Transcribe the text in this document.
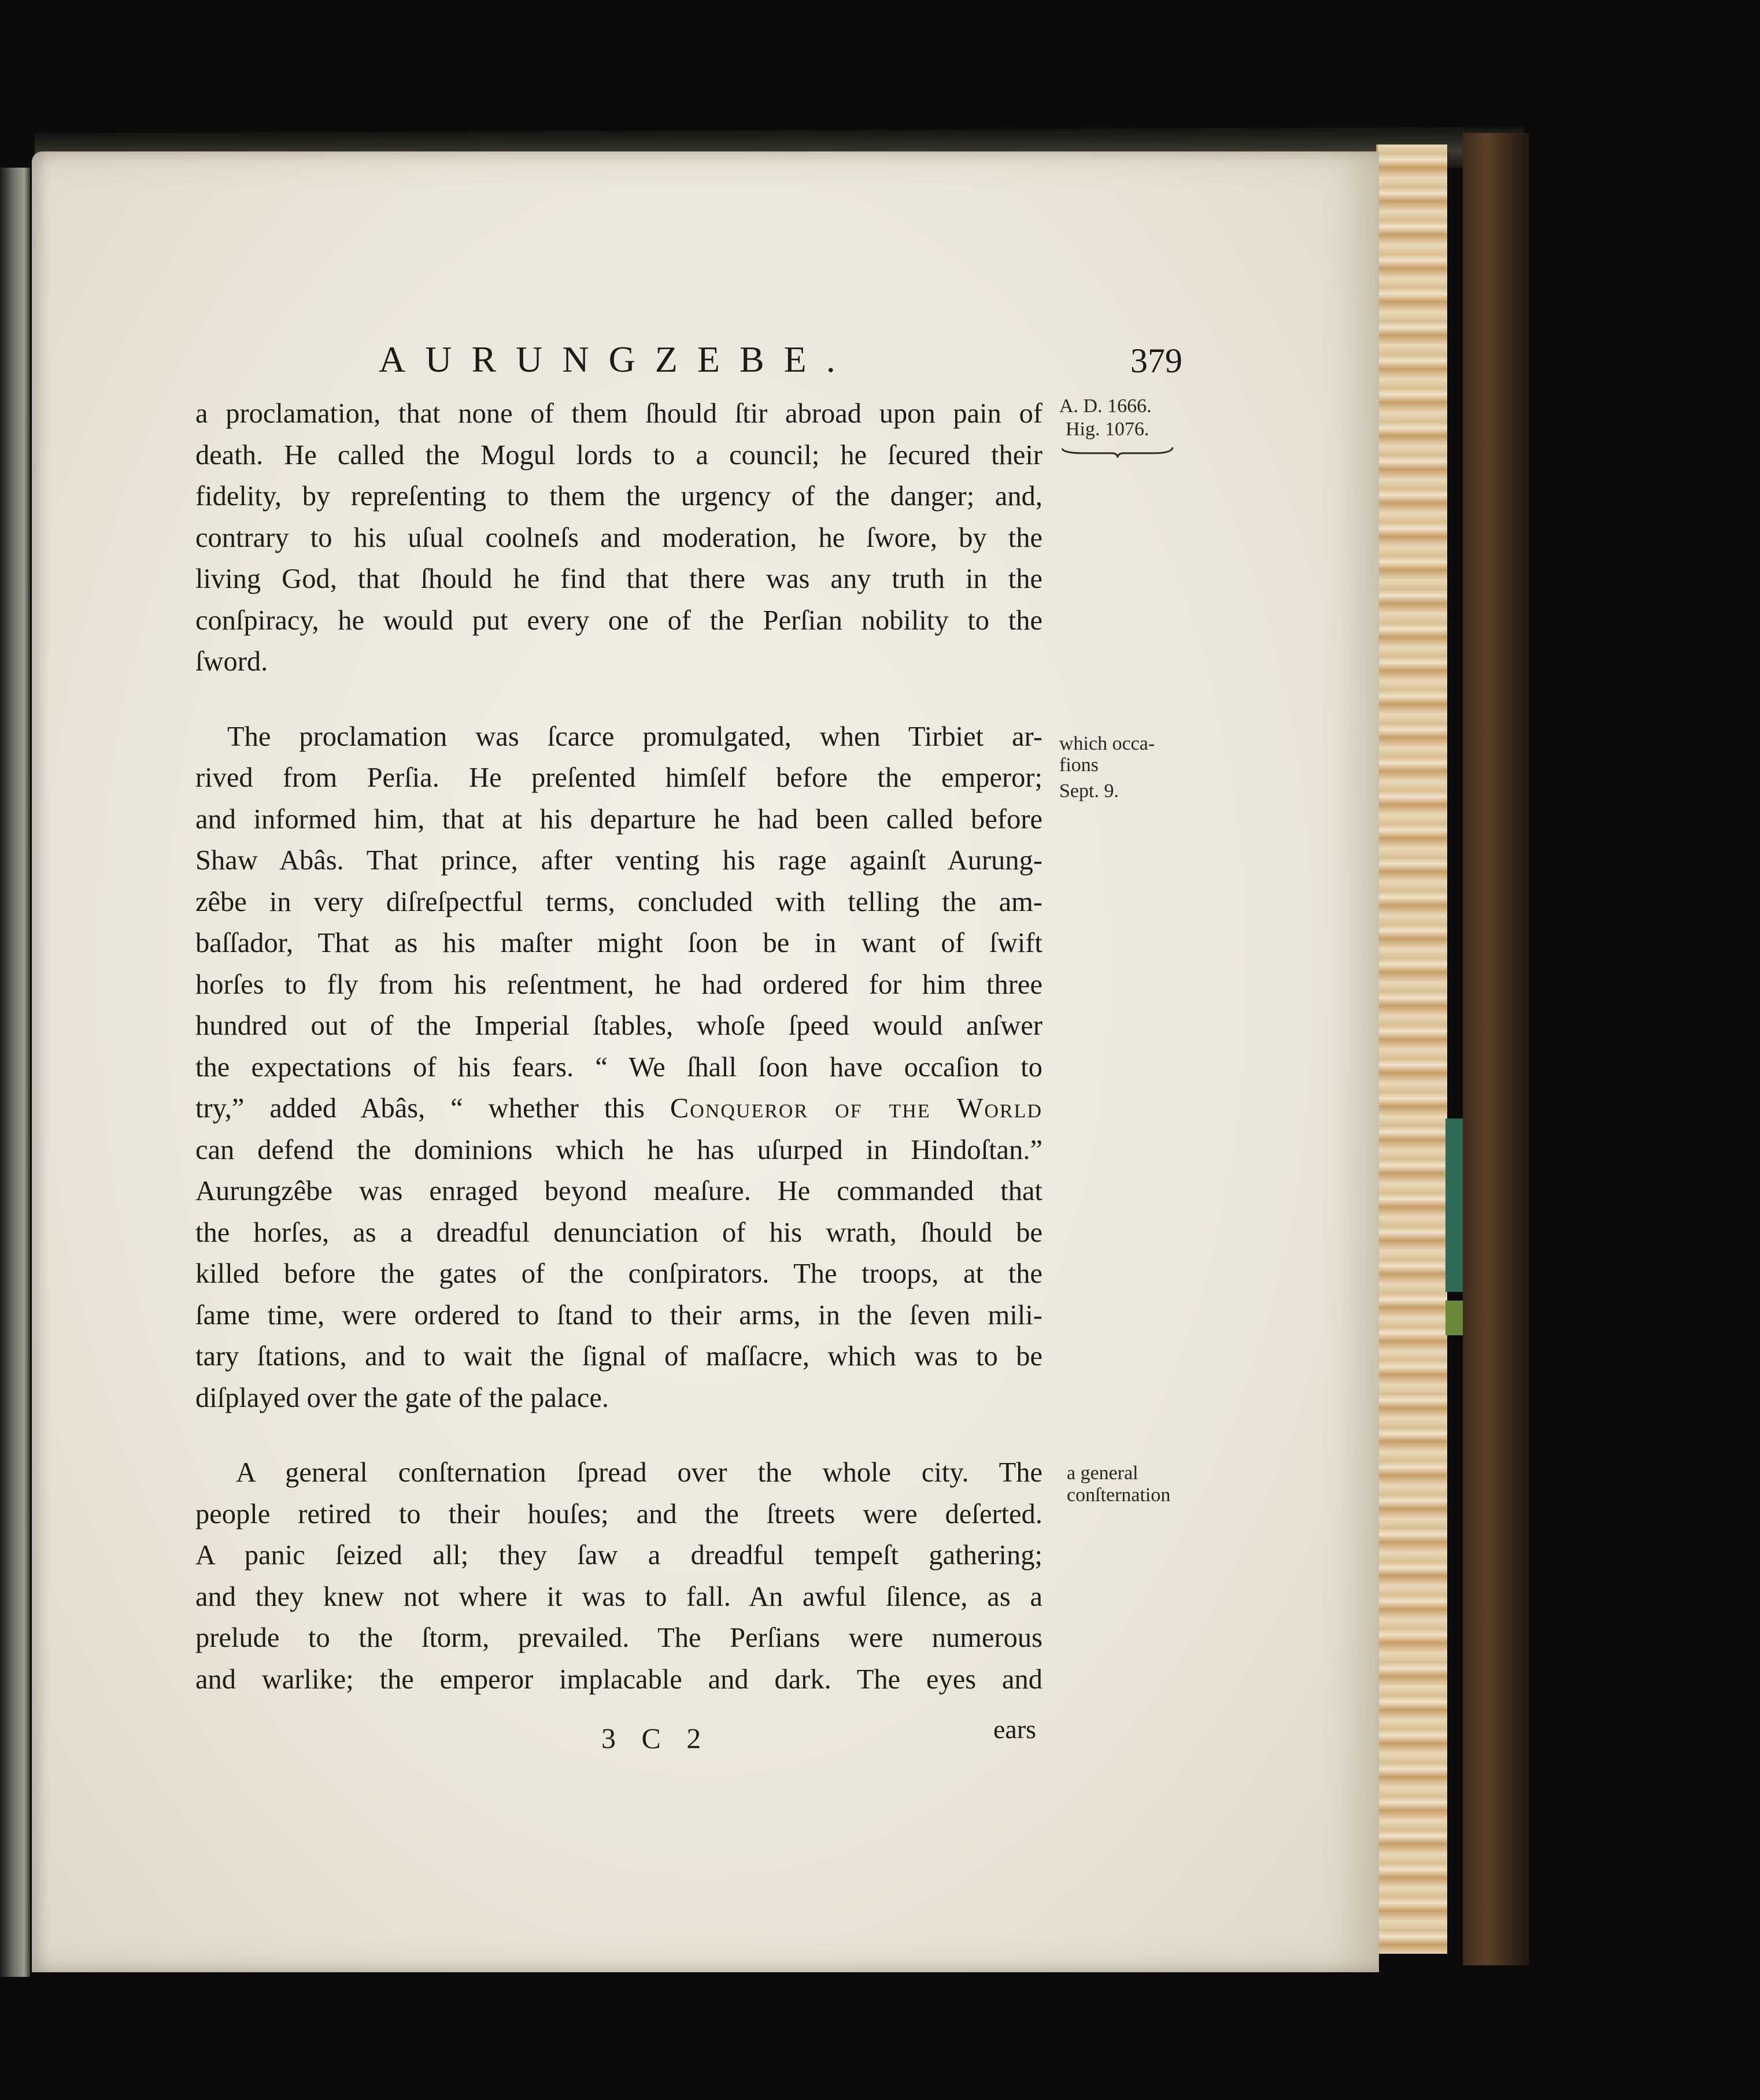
AURUNGZEBE.	379
A. D. 1666.
Hig. 1076.
which occa-
fions
Sept. 9.
a general
conſternation
a proclamation, that none of them ſhould ſtir abroad upon pain of
death. He called the Mogul lords to a council; he ſecured their
fidelity, by repreſenting to them the urgency of the danger; and,
contrary to his uſual coolneſs and moderation, he ſwore, by the
living God, that ſhould he find that there was any truth in the
conſpiracy, he would put every one of the Perſian nobility to the
ſword.
The proclamation was ſcarce promulgated, when Tirbiet ar-
rived from Perſia. He preſented himſelf before the emperor;
and informed him, that at his departure he had been called before
Shaw Abâs. That prince, after venting his rage againſt Aurung-
zêbe in very diſreſpectful terms, concluded with telling the am-
baſſador, That as his maſter might ſoon be in want of ſwift
horſes to fly from his reſentment, he had ordered for him three
hundred out of the Imperial ſtables, whoſe ſpeed would anſwer
the expectations of his fears. “ We ſhall ſoon have occaſion to
try,” added Abâs, “ whether this Conqueror of the World
can defend the dominions which he has uſurped in Hindoſtan.”
Aurungzêbe was enraged beyond meaſure. He commanded that
the horſes, as a dreadful denunciation of his wrath, ſhould be
killed before the gates of the conſpirators. The troops, at the
ſame time, were ordered to ſtand to their arms, in the ſeven mili-
tary ſtations, and to wait the ſignal of maſſacre, which was to be
diſplayed over the gate of the palace.
A general conſternation ſpread over the whole city. The
people retired to their houſes; and the ſtreets were deſerted.
A panic ſeized all; they ſaw a dreadful tempeſt gathering;
and they knew not where it was to fall. An awful ſilence, as a
prelude to the ſtorm, prevailed. The Perſians were numerous
and warlike; the emperor implacable and dark. The eyes and
3 C 2	ears
